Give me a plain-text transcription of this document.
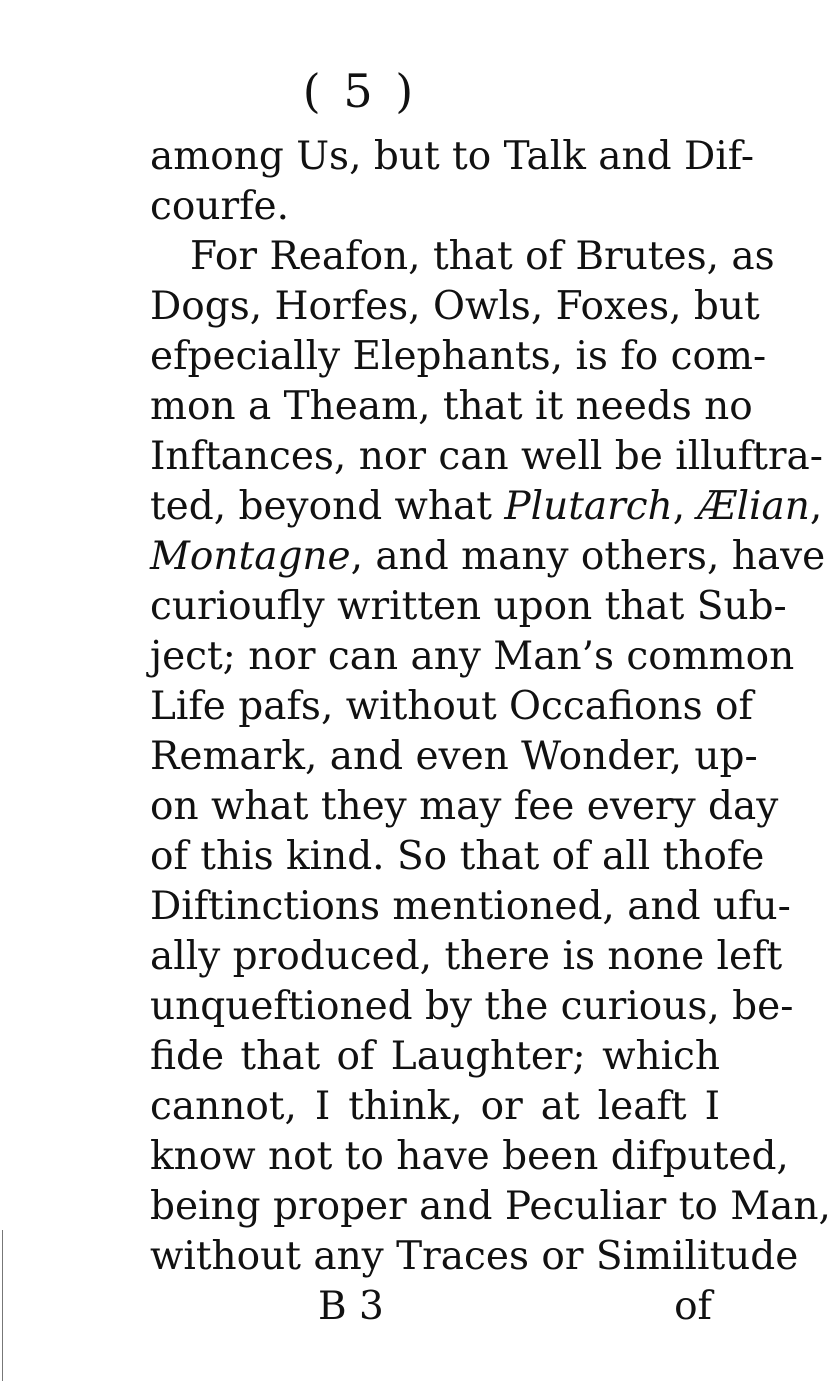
( 5 )
among Us, but to Talk and Dif-
courfe.
For Reafon, that of Brutes, as
Dogs, Horfes, Owls, Foxes, but
efpecially Elephants, is fo com-
mon a Theam, that it needs no
Inftances, nor can well be illuftra-
ted, beyond what Plutarch, Ælian,
Montagne, and many others, have
curioufly written upon that Sub-
ject; nor can any Man’s common
Life pafs, without Occafions of
Remark, and even Wonder, up-
on what they may fee every day
of this kind. So that of all thofe
Diftinctions mentioned, and ufu-
ally produced, there is none left
unqueftioned by the curious, be-
fide that of Laughter; which
cannot, I think, or at leaft I
know not to have been difputed,
being proper and Peculiar to Man,
without any Traces or Similitude
B 3	of
